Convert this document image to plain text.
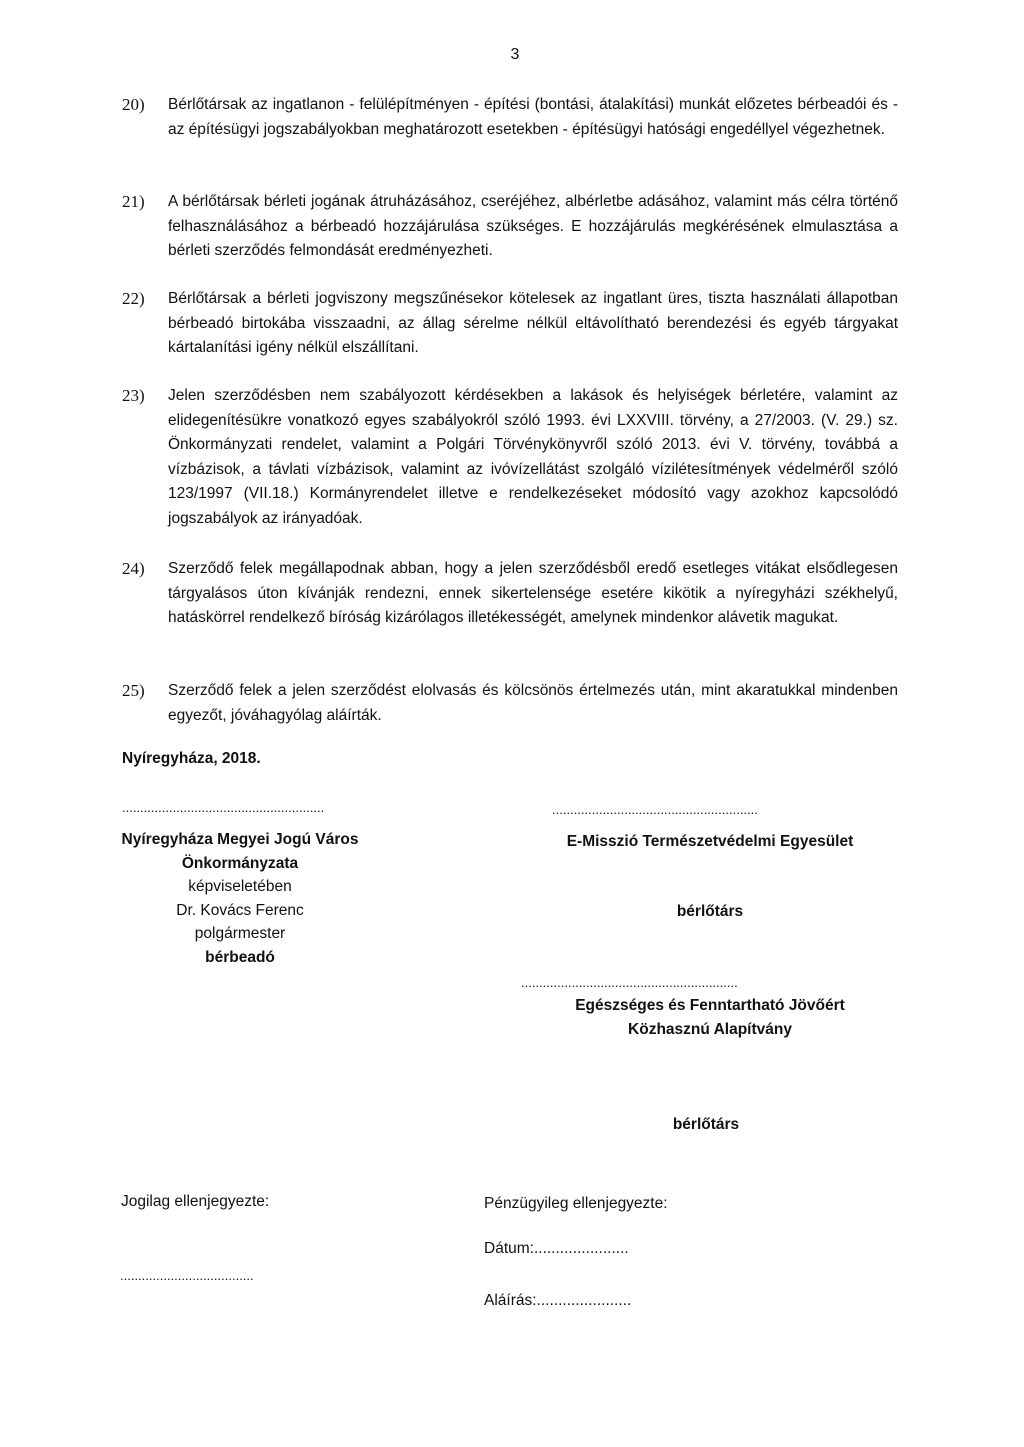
3
20)	Bérlőtársak az ingatlanon - felülépítményen - építési (bontási, átalakítási) munkát előzetes bérbeadói és - az építésügyi jogszabályokban meghatározott esetekben - építésügyi hatósági engedéllyel végezhetnek.
21)	A bérlőtársak bérleti jogának átruházásához, cseréjéhez, albérletbe adásához, valamint más célra történő felhasználásához a bérbeadó hozzájárulása szükséges. E hozzájárulás megkérésének elmulasztása a bérleti szerződés felmondását eredményezheti.
22)	Bérlőtársak a bérleti jogviszony megszűnésekor kötelesek az ingatlant üres, tiszta használati állapotban bérbeadó birtokába visszaadni, az állag sérelme nélkül eltávolítható berendezési és egyéb tárgyakat kártalanítási igény nélkül elszállítani.
23)	Jelen szerződésben nem szabályozott kérdésekben a lakások és helyiségek bérletére, valamint az elidegenítésükre vonatkozó egyes szabályokról szóló 1993. évi LXXVIII. törvény, a 27/2003. (V. 29.) sz. Önkormányzati rendelet, valamint a Polgári Törvénykönyvről szóló 2013. évi V. törvény, továbbá a vízbázisok, a távlati vízbázisok, valamint az ivóvízellátást szolgáló vízilétesítmények védelméről szóló 123/1997 (VII.18.) Kormányrendelet illetve e rendelkezéseket módosító vagy azokhoz kapcsolódó jogszabályok az irányadóak.
24)	Szerződő felek megállapodnak abban, hogy a jelen szerződésből eredő esetleges vitákat elsődlegesen tárgyalásos úton kívánják rendezni, ennek sikertelensége esetére kikötik a nyíregyházi székhelyű, hatáskörrel rendelkező bíróság kizárólagos illetékességét, amelynek mindenkor alávetik magukat.
25)	Szerződő felek a jelen szerződést elolvasás és kölcsönös értelmezés után, mint akaratukkal mindenben egyezőt, jóváhagyólag aláírták.
Nyíregyháza, 2018.
........................................................
Nyíregyháza Megyei Jogú Város
Önkormányzata
képviseletében
Dr. Kovács Ferenc
polgármester
bérbeadó
.........................................................
E-Misszió Természetvédelmi Egyesület
bérlőtárs
............................................................
Egészséges és Fenntartható Jövőért
Közhasznú Alapítvány
bérlőtárs
Jogilag ellenjegyezte:
.....................................
Pénzügyileg ellenjegyezte:
Dátum:......................
Aláírás:......................
